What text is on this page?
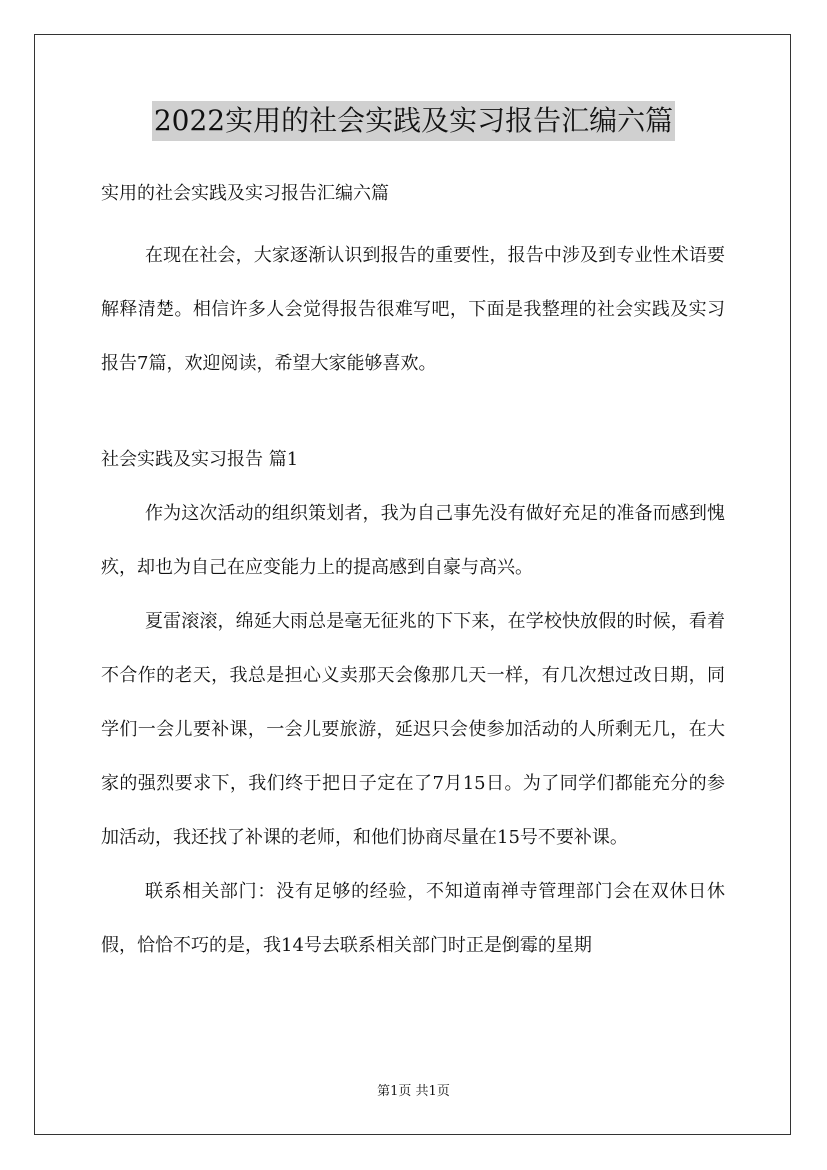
2022实用的社会实践及实习报告汇编六篇

实用的社会实践及实习报告汇编六篇

在现在社会，大家逐渐认识到报告的重要性，报告中涉及到专业性术语要解释清楚。相信许多人会觉得报告很难写吧，下面是我整理的社会实践及实习报告7篇，欢迎阅读，希望大家能够喜欢。

社会实践及实习报告 篇1

作为这次活动的组织策划者，我为自己事先没有做好充足的准备而感到愧疚，却也为自己在应变能力上的提高感到自豪与高兴。

夏雷滚滚，绵延大雨总是毫无征兆的下下来，在学校快放假的时候，看着不合作的老天，我总是担心义卖那天会像那几天一样，有几次想过改日期，同学们一会儿要补课，一会儿要旅游，延迟只会使参加活动的人所剩无几，在大家的强烈要求下，我们终于把日子定在了7月15日。为了同学们都能充分的参加活动，我还找了补课的老师，和他们协商尽量在15号不要补课。

联系相关部门：没有足够的经验，不知道南禅寺管理部门会在双休日休假，恰恰不巧的是，我14号去联系相关部门时正是倒霉的星期

第1页 共1页
